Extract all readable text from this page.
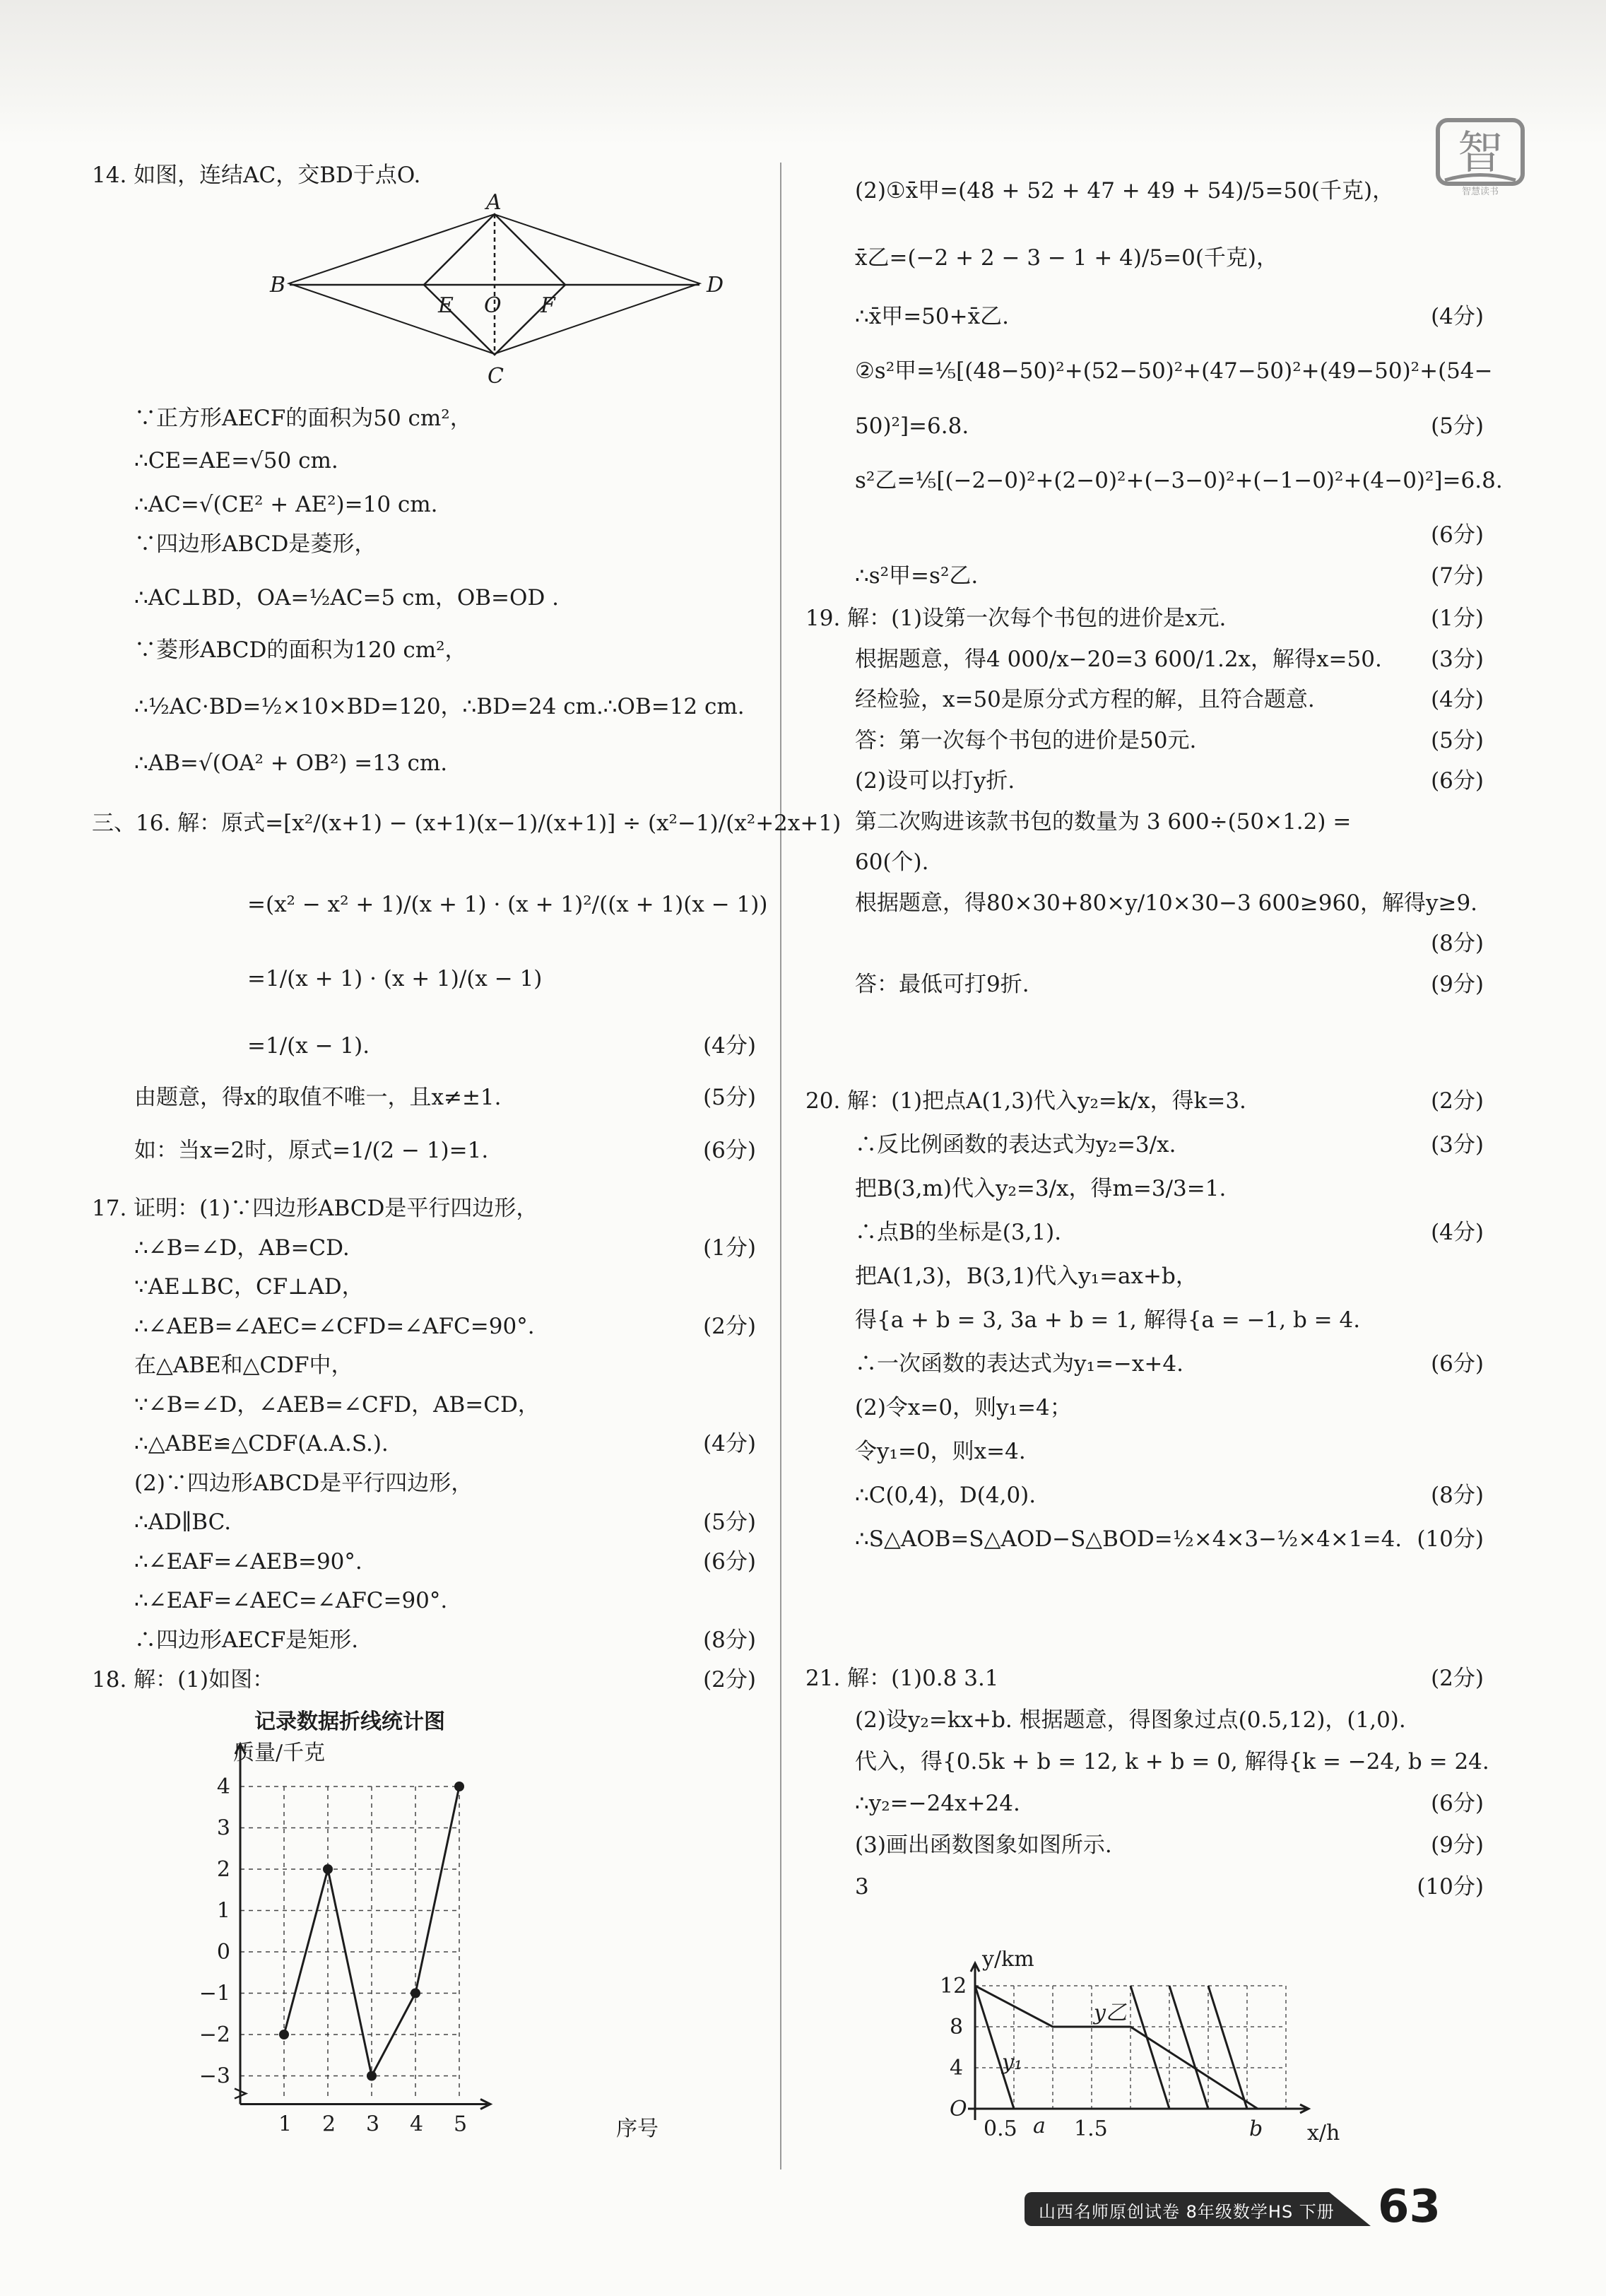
智
智慧读书
14. 如图，连结AC，交BD于点O.
A
B
C
D
E O F
∵正方形AECF的面积为50 cm²，
∴CE=AE=√50 cm.
∴AC=√(CE² + AE²)=10 cm.
∵四边形ABCD是菱形，
∴AC⊥BD，OA=½AC=5 cm，OB=OD .
∵菱形ABCD的面积为120 cm²，
∴½AC·BD=½×10×BD=120，∴BD=24 cm.∴OB=12 cm.
∴AB=√(OA² + OB²) =13 cm.
三、16. 解：原式=[x²/(x+1) − (x+1)(x−1)/(x+1)] ÷ (x²−1)/(x²+2x+1)
=(x² − x² + 1)/(x + 1) · (x + 1)²/((x + 1)(x − 1))
=1/(x + 1) · (x + 1)/(x − 1)
=1/(x − 1).	(4分)
由题意，得x的取值不唯一，且x≠±1.	(5分)
如：当x=2时，原式=1/(2 − 1)=1.	(6分)
17. 证明：(1)∵四边形ABCD是平行四边形，
∴∠B=∠D，AB=CD.	(1分)
∵AE⊥BC，CF⊥AD，
∴∠AEB=∠AEC=∠CFD=∠AFC=90°.	(2分)
在△ABE和△CDF中，
∵∠B=∠D，∠AEB=∠CFD，AB=CD，
∴△ABE≌△CDF(A.A.S.).	(4分)
(2)∵四边形ABCD是平行四边形，
∴AD∥BC.	(5分)
∴∠EAF=∠AEB=90°.	(6分)
∴∠EAF=∠AEC=∠AFC=90°.
∴四边形AECF是矩形.	(8分)
18. 解：(1)如图：	(2分)
记录数据折线统计图
质量/千克
序号
4
3
2
1
0
−1
−2
−3
1 2 3 4 5
(2)①x̄甲=(48 + 52 + 47 + 49 + 54)/5=50(千克)，
x̄乙=(−2 + 2 − 3 − 1 + 4)/5=0(千克)，
∴x̄甲=50+x̄乙.	(4分)
②s²甲=⅕[(48−50)²+(52−50)²+(47−50)²+(49−50)²+(54−
50)²]=6.8.	(5分)
s²乙=⅕[(−2−0)²+(2−0)²+(−3−0)²+(−1−0)²+(4−0)²]=6.8.
(6分)
∴s²甲=s²乙.	(7分)
19. 解：(1)设第一次每个书包的进价是x元.	(1分)
根据题意，得4 000/x−20=3 600/1.2x，解得x=50. (3分)
经检验，x=50是原分式方程的解，且符合题意.	(4分)
答：第一次每个书包的进价是50元.	(5分)
(2)设可以打y折.	(6分)
第二次购进该款书包的数量为 3 600÷(50×1.2) =
60(个).
根据题意，得80×30+80×y/10×30−3 600≥960，解得y≥9.
(8分)
答：最低可打9折.	(9分)
20. 解：(1)把点A(1,3)代入y₂=k/x，得k=3.	(2分)
∴反比例函数的表达式为y₂=3/x.	(3分)
把B(3,m)代入y₂=3/x，得m=3/3=1.
∴点B的坐标是(3,1).	(4分)
把A(1,3)，B(3,1)代入y₁=ax+b，
得{a + b = 3, 3a + b = 1, 解得{a = −1, b = 4.
∴一次函数的表达式为y₁=−x+4.	(6分)
(2)令x=0，则y₁=4；
令y₁=0，则x=4.
∴C(0,4)，D(4,0).	(8分)
∴S△AOB=S△AOD−S△BOD=½×4×3−½×4×1=4. (10分)
21. 解：(1)0.8 3.1	(2分)
(2)设y₂=kx+b. 根据题意，得图象过点(0.5,12)，(1,0).
代入，得{0.5k + b = 12, k + b = 0, 解得{k = −24, b = 24.
∴y₂=−24x+24.	(6分)
(3)画出函数图象如图所示.	(9分)
3	(10分)
y/km
x/h
12
8
4
O
0.5 a 1.5	b
y乙
y₁
山西名师原创试卷 8年级数学HS 下册 63
